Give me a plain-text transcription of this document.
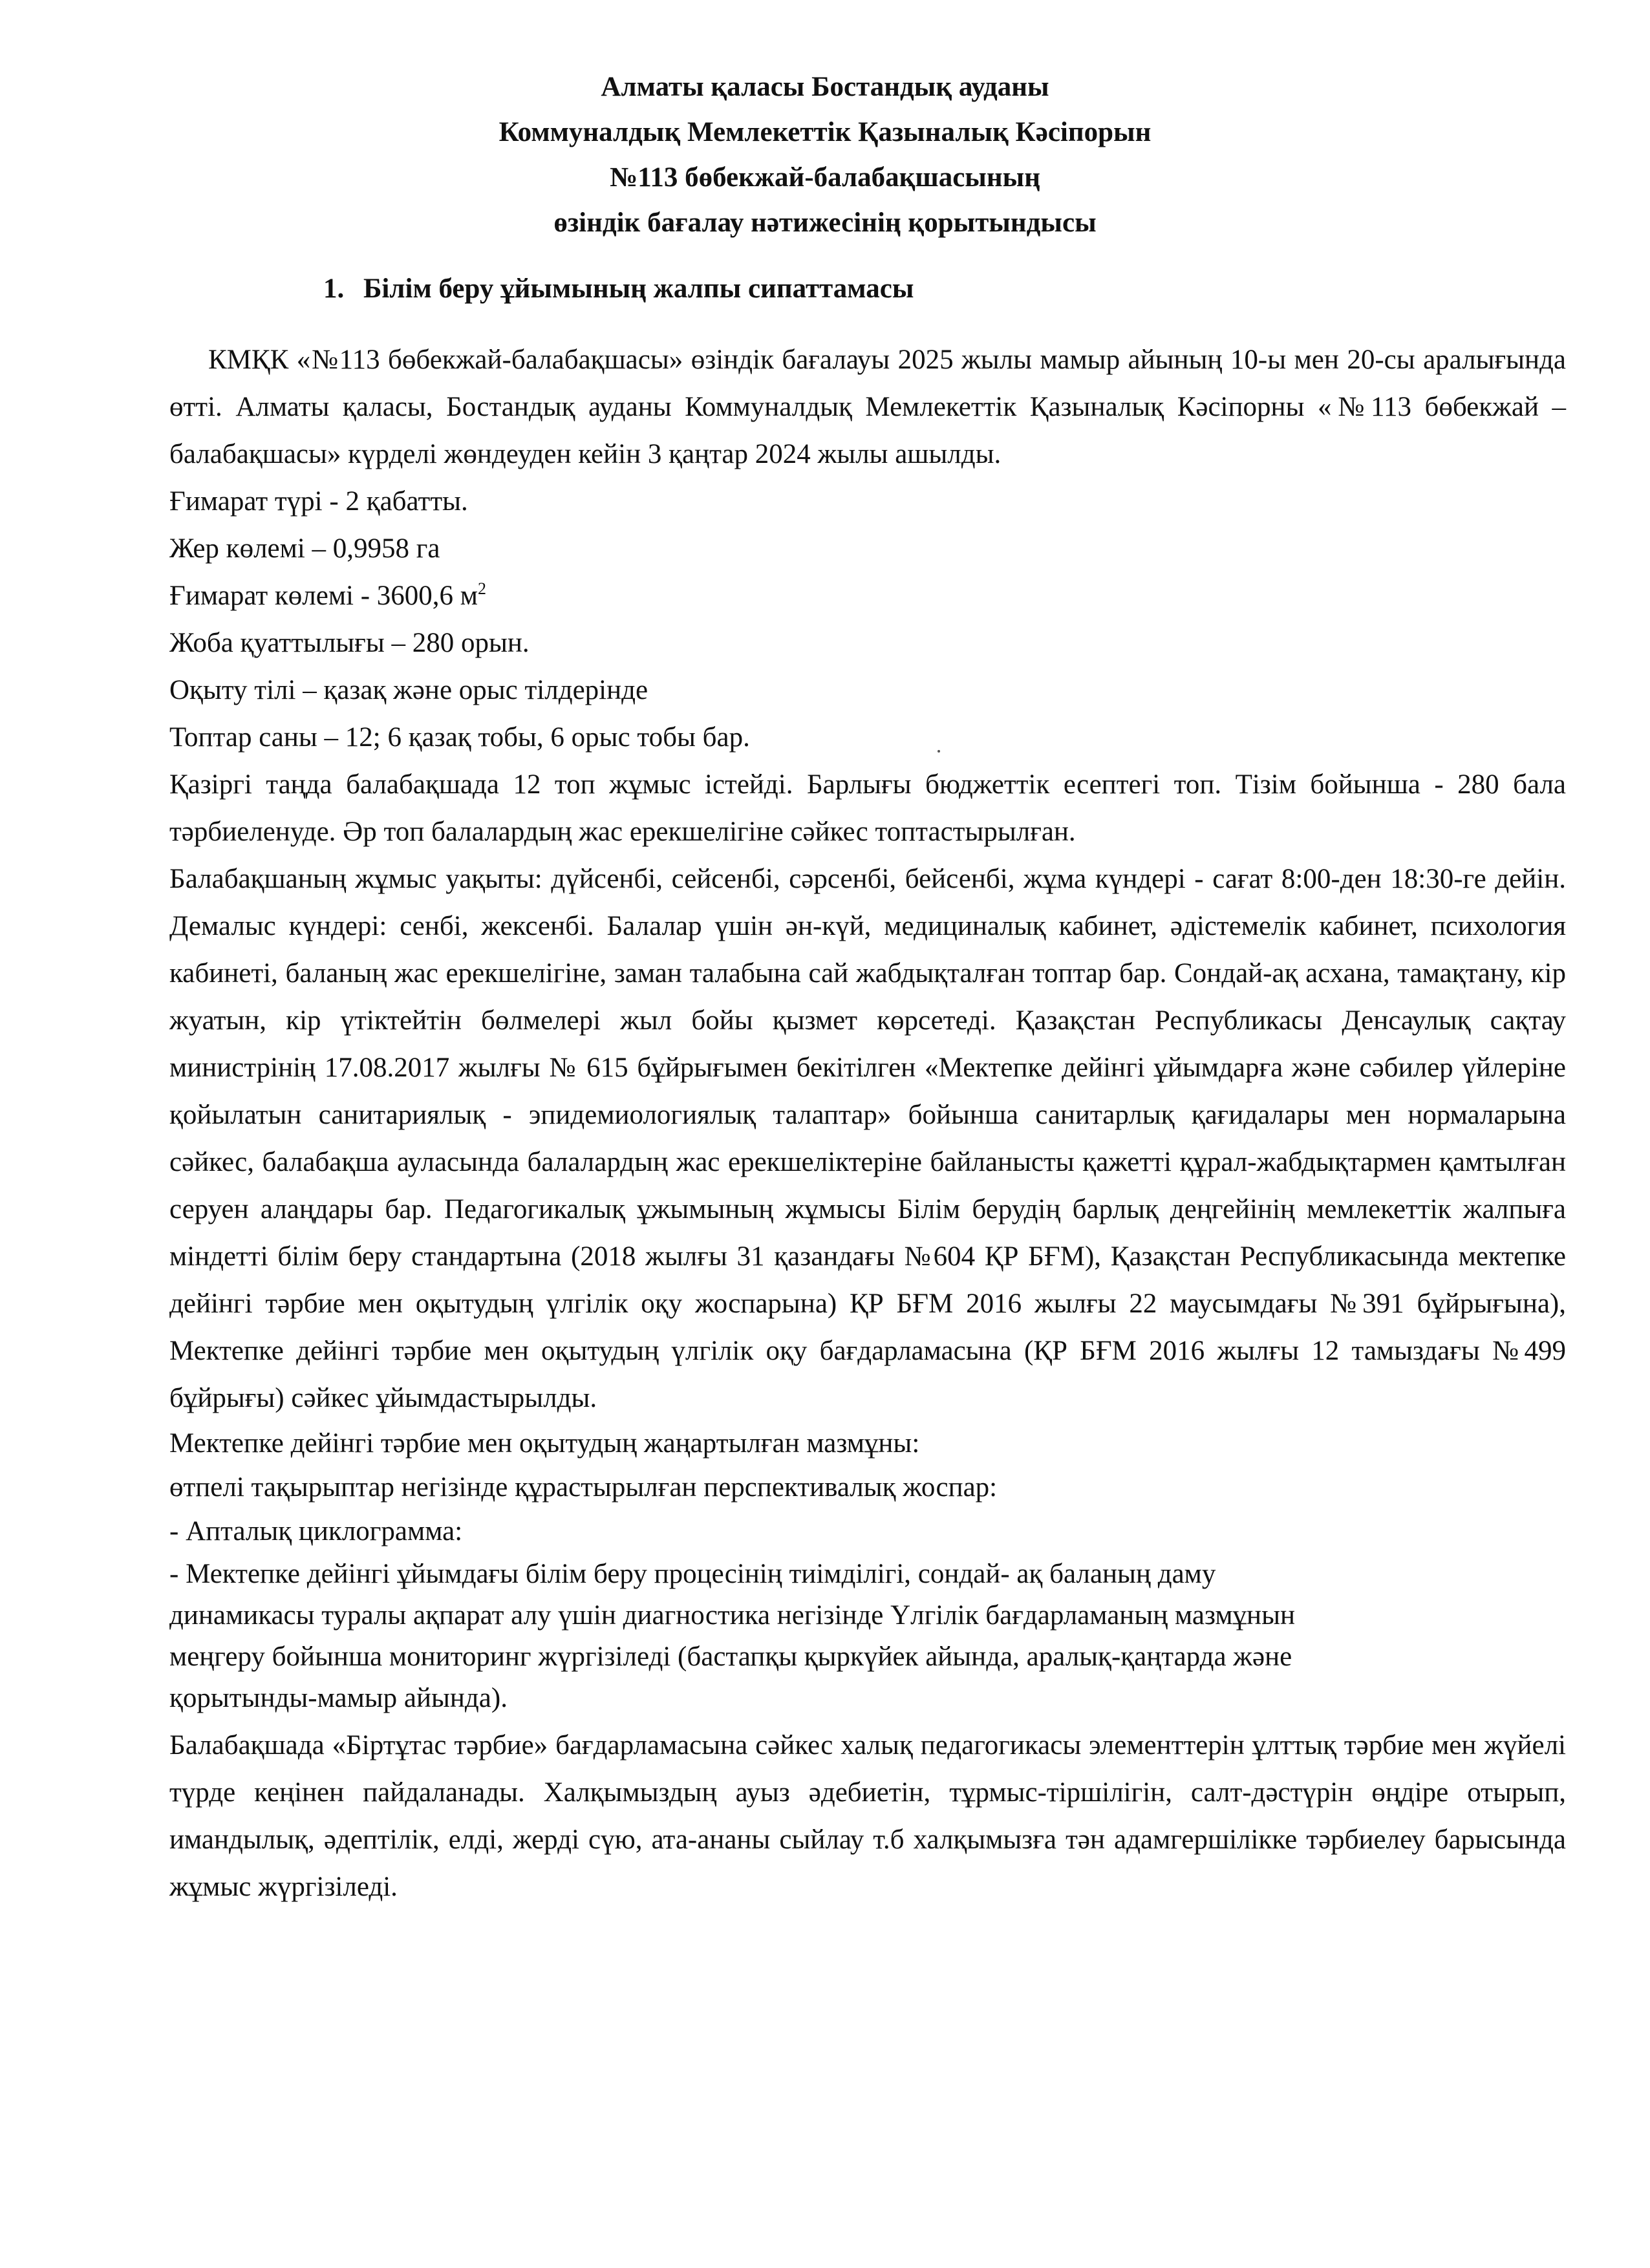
Алматы қаласы Бостандық ауданы

Коммуналдық Мемлекеттік Қазыналық Кәсіпорын

№113 бөбекжай-балабақшасының

өзіндік бағалау нәтижесінің қорытындысы

1. Білім беру ұйымының жалпы сипаттамасы

КМҚК «№113 бөбекжай-балабақшасы» өзіндік бағалауы 2025 жылы мамыр айының 10-ы мен 20-сы аралығында өтті. Алматы қаласы, Бостандық ауданы Коммуналдық Мемлекеттік Қазыналық Кәсіпорны «№113 бөбекжай – балабақшасы» күрделі жөндеуден кейін 3 қаңтар 2024 жылы ашылды.

Ғимарат түрі - 2 қабатты.

Жер көлемі – 0,9958 га

Ғимарат көлемі - 3600,6 $м^2$

Жоба қуаттылығы – 280 орын.

Оқыту тілі – қазақ және орыс тілдерінде

Топтар саны – 12; 6 қазақ тобы, 6 орыс тобы бар.

Қазіргі таңда балабақшада 12 топ жұмыс істейді. Барлығы бюджеттік есептегі топ. Тізім бойынша - 280 бала тәрбиеленуде. Әр топ балалардың жас ерекшелігіне сәйкес топтастырылған.

Балабақшаның жұмыс уақыты: дүйсенбі, сейсенбі, сәрсенбі, бейсенбі, жұма күндері - сағат 8:00-ден 18:30-ге дейін. Демалыс күндері: сенбі, жексенбі. Балалар үшін ән-күй, медициналық кабинет, әдістемелік кабинет, психология кабинеті, баланың жас ерекшелігіне, заман талабына сай жабдықталған топтар бар. Сондай-ақ асхана, тамақтану, кір жуатын, кір үтіктейтін бөлмелері жыл бойы қызмет көрсетеді. Қазақстан Республикасы Денсаулық сақтау министрінің 17.08.2017 жылғы № 615 бұйрығымен бекітілген «Мектепке дейінгі ұйымдарға және сәбилер үйлеріне қойылатын санитариялық - эпидемиологиялық талаптар» бойынша санитарлық қағидалары мен нормаларына сәйкес, балабақша ауласында балалардың жас ерекшеліктеріне байланысты қажетті құрал-жабдықтармен қамтылған серуен алаңдары бар. Педагогикалық ұжымының жұмысы Білім берудің барлық деңгейінің мемлекеттік жалпыға міндетті білім беру стандартына (2018 жылғы 31 қазандағы №604 ҚР БҒМ), Қазақстан Республикасында мектепке дейінгі тәрбие мен оқытудың үлгілік оқу жоспарына) ҚР БҒМ 2016 жылғы 22 маусымдағы №391 бұйрығына), Мектепке дейінгі тәрбие мен оқытудың үлгілік оқу бағдарламасына (ҚР БҒМ 2016 жылғы 12 тамыздағы №499 бұйрығы) сәйкес ұйымдастырылды.

Мектепке дейінгі тәрбие мен оқытудың жаңартылған мазмұны:

өтпелі тақырыптар негізінде құрастырылған перспективалық жоспар:

- Апталық циклограмма:

- Мектепке дейінгі ұйымдағы білім беру процесінің тиімділігі, сондай- ақ баланың даму

динамикасы туралы ақпарат алу үшін диагностика негізінде Үлгілік бағдарламаның мазмұнын

меңгеру бойынша мониторинг жүргізіледі (бастапқы қыркүйек айында, аралық-қаңтарда және

қорытынды-мамыр айында).

Балабақшада «Біртұтас тәрбие» бағдарламасына сәйкес халық педагогикасы элементтерін ұлттық тәрбие мен жүйелі түрде кеңінен пайдаланады. Халқымыздың ауыз әдебиетін, тұрмыс-тіршілігін, салт-дәстүрін өңдіре отырып, имандылық, әдептілік, елді, жерді сүю, ата-ананы сыйлау т.б халқымызға тән адамгершілікке тәрбиелеу барысында жұмыс жүргізіледі.
